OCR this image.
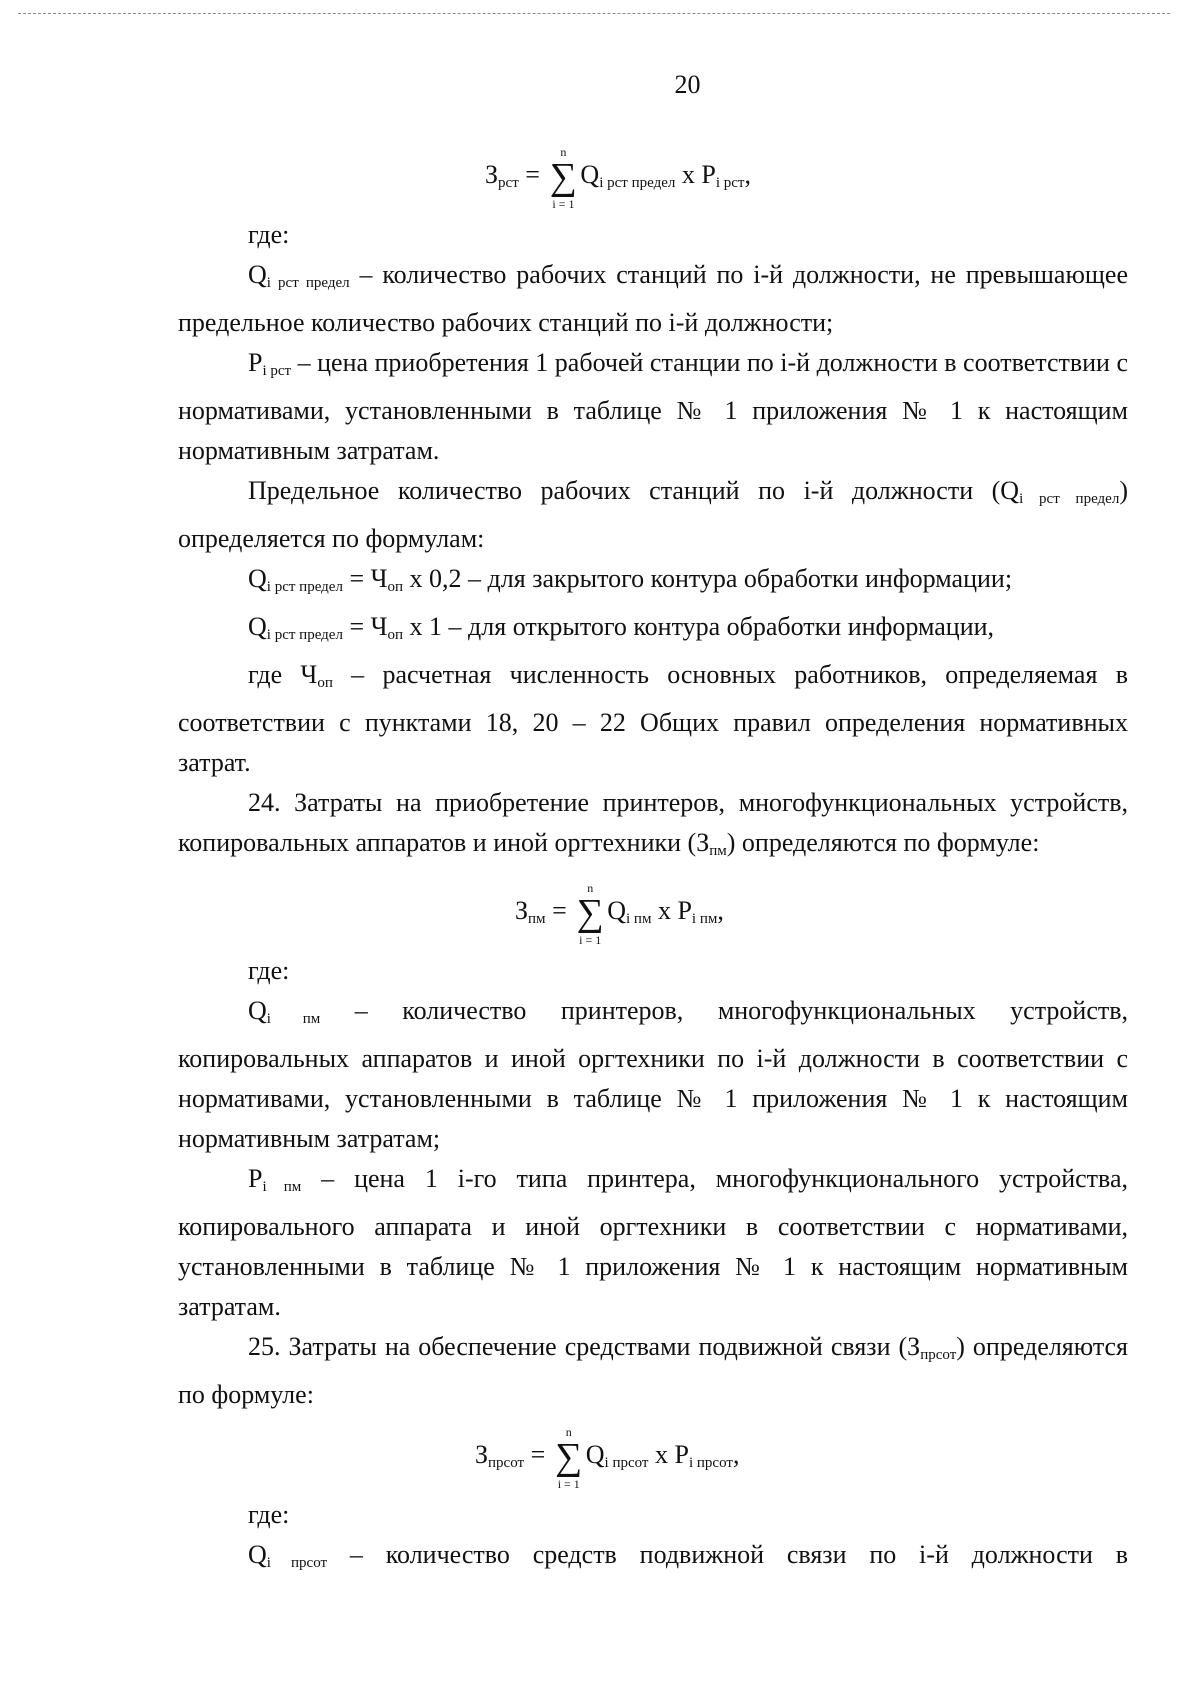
20
$З_{рст}$ =
n
∑
i = 1
$Q_{i рст предел}$ x $P_{i рст}$,

где:

$Q_{i рст предел}$ – количество рабочих станций по i-й должности, не превышающее предельное количество рабочих станций по i-й должности;

$P_{i рст}$ – цена приобретения 1 рабочей станции по i-й должности в соответствии с нормативами, установленными в таблице № 1 приложения № 1 к настоящим нормативным затратам.

Предельное количество рабочих станций по i-й должности $(Q_{i рст предел})$ определяется по формулам:

$Q_{i рст предел} = Ч_{оп}$ х 0,2 – для закрытого контура обработки информации;

$Q_{i рст предел} = Ч_{оп}$ х 1 – для открытого контура обработки информации,

где $Ч_{оп}$ – расчетная численность основных работников, определяемая в соответствии с пунктами 18, 20 – 22 Общих правил определения нормативных затрат.

24. Затраты на приобретение принтеров, многофункциональных устройств, копировальных аппаратов и иной оргтехники $(З_{пм})$ определяются по формуле:

$З_{пм}$ =
n
∑
i = 1
$Q_{i пм}$ x $P_{i пм}$,

где:

$Q_{i пм}$ – количество принтеров, многофункциональных устройств, копировальных аппаратов и иной оргтехники по i-й должности в соответствии с нормативами, установленными в таблице № 1 приложения № 1 к настоящим нормативным затратам;

$P_{i пм}$ – цена 1 i-го типа принтера, многофункционального устройства, копировального аппарата и иной оргтехники в соответствии с нормативами, установленными в таблице № 1 приложения № 1 к настоящим нормативным затратам.

25. Затраты на обеспечение средствами подвижной связи $(З_{прсот})$ определяются по формуле:

$З_{прсот}$ =
n
∑
i = 1
$Q_{i прсот}$ x $P_{i прсот}$,

где:

$Q_{i прсот}$ – количество средств подвижной связи по i-й должности в
